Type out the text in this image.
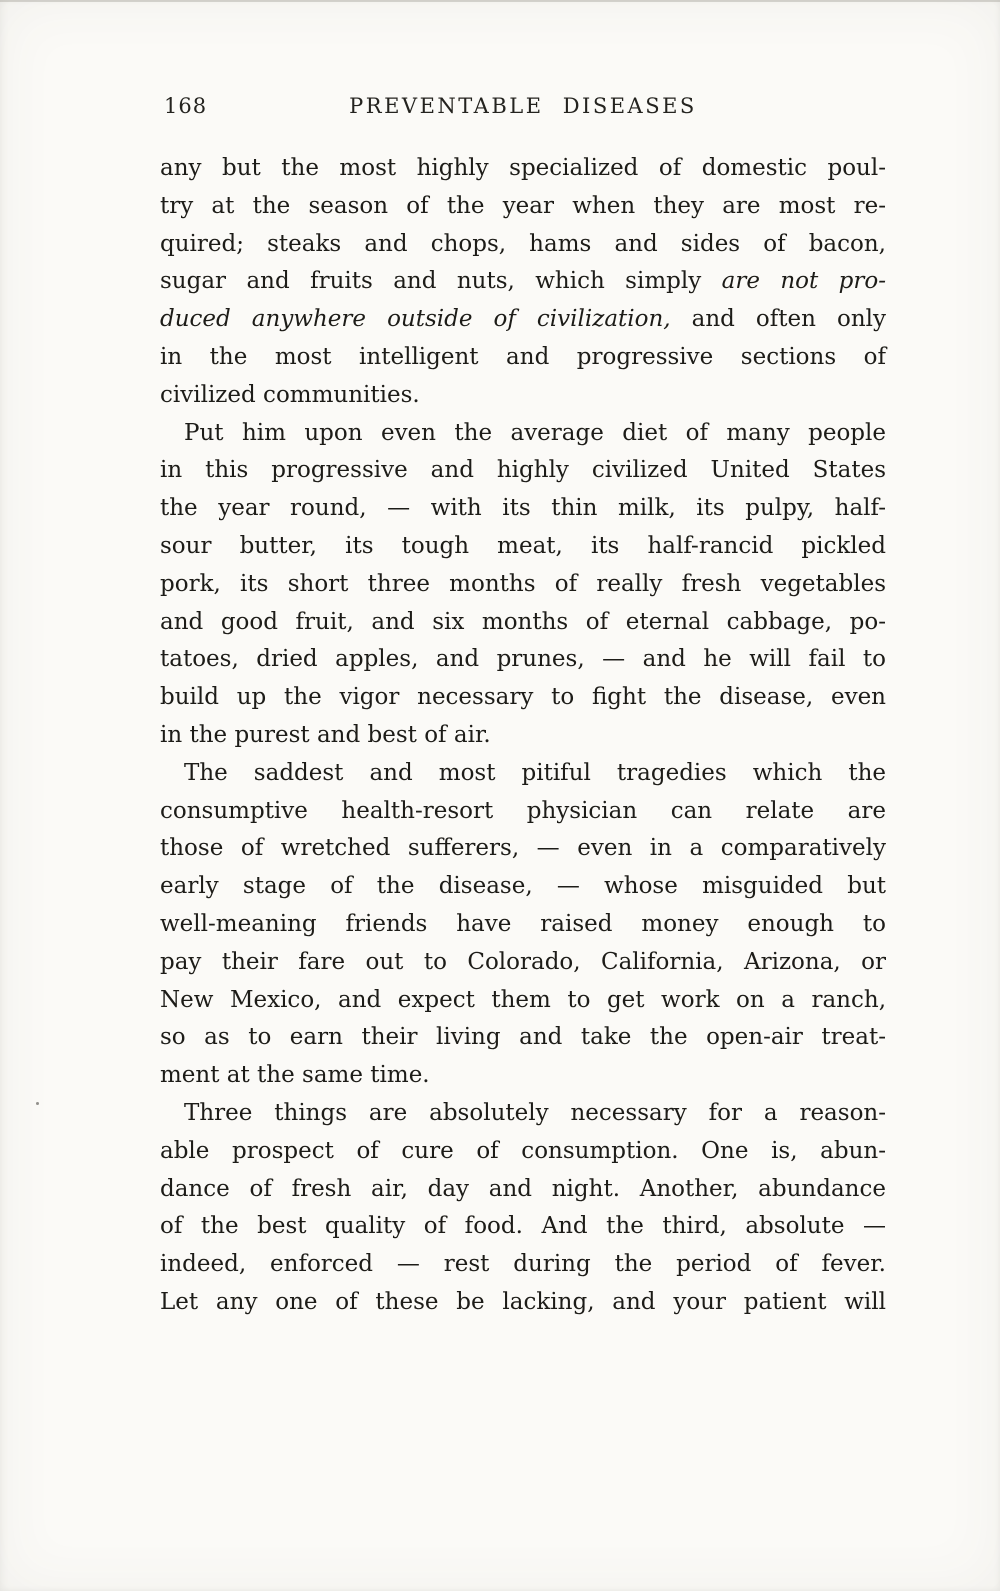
168	PREVENTABLE DISEASES
any but the most highly specialized of domestic poul-
try at the season of the year when they are most re-
quired; steaks and chops, hams and sides of bacon,
sugar and fruits and nuts, which simply are not pro-
duced anywhere outside of civilization, and often only
in the most intelligent and progressive sections of
civilized communities.
Put him upon even the average diet of many people
in this progressive and highly civilized United States
the year round, — with its thin milk, its pulpy, half-
sour butter, its tough meat, its half-rancid pickled
pork, its short three months of really fresh vegetables
and good fruit, and six months of eternal cabbage, po-
tatoes, dried apples, and prunes, — and he will fail to
build up the vigor necessary to fight the disease, even
in the purest and best of air.
The saddest and most pitiful tragedies which the
consumptive health-resort physician can relate are
those of wretched sufferers, — even in a comparatively
early stage of the disease, — whose misguided but
well-meaning friends have raised money enough to
pay their fare out to Colorado, California, Arizona, or
New Mexico, and expect them to get work on a ranch,
so as to earn their living and take the open-air treat-
ment at the same time.
Three things are absolutely necessary for a reason-
able prospect of cure of consumption. One is, abun-
dance of fresh air, day and night. Another, abundance
of the best quality of food. And the third, absolute —
indeed, enforced — rest during the period of fever.
Let any one of these be lacking, and your patient will
